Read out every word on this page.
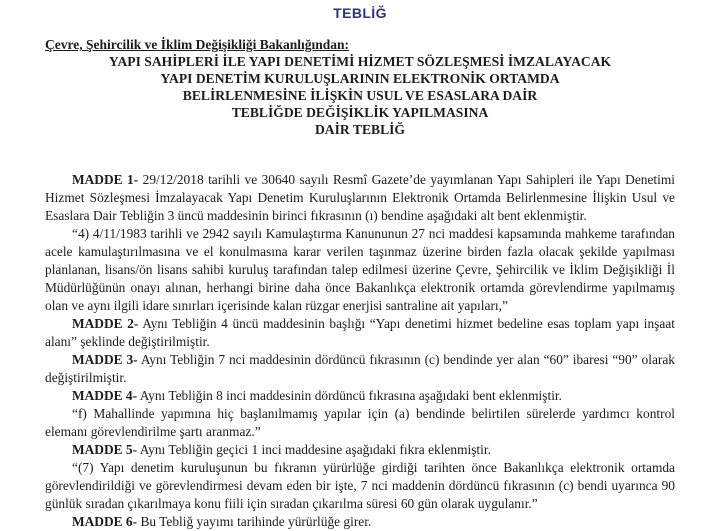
TEBLİĞ
Çevre, Şehircilik ve İklim Değişikliği Bakanlığından:
YAPI SAHİPLERİ İLE YAPI DENETİMİ HİZMET SÖZLEŞMESİ İMZALAYACAK
YAPI DENETİM KURULUŞLARININ ELEKTRONİK ORTAMDA
BELİRLENMESİNE İLİŞKİN USUL VE ESASLARA DAİR
TEBLİĞDE DEĞİŞİKLİK YAPILMASINA
DAİR TEBLİĞ

MADDE 1- 29/12/2018 tarihli ve 30640 sayılı Resmî Gazete’de yayımlanan Yapı Sahipleri ile Yapı Denetimi Hizmet Sözleşmesi İmzalayacak Yapı Denetim Kuruluşlarının Elektronik Ortamda Belirlenmesine İlişkin Usul ve Esaslara Dair Tebliğin 3 üncü maddesinin birinci fıkrasının (ı) bendine aşağıdaki alt bent eklenmiştir.

“4) 4/11/1983 tarihli ve 2942 sayılı Kamulaştırma Kanununun 27 nci maddesi kapsamında mahkeme tarafından acele kamulaştırılmasına ve el konulmasına karar verilen taşınmaz üzerine birden fazla olacak şekilde yapılması planlanan, lisans/ön lisans sahibi kuruluş tarafından talep edilmesi üzerine Çevre, Şehircilik ve İklim Değişikliği İl Müdürlüğünün onayı alınan, herhangi birine daha önce Bakanlıkça elektronik ortamda görevlendirme yapılmamış olan ve aynı ilgili idare sınırları içerisinde kalan rüzgar enerjisi santraline ait yapıları,”

MADDE 2- Aynı Tebliğin 4 üncü maddesinin başlığı “Yapı denetimi hizmet bedeline esas toplam yapı inşaat alanı” şeklinde değiştirilmiştir.

MADDE 3- Aynı Tebliğin 7 nci maddesinin dördüncü fıkrasının (c) bendinde yer alan “60” ibaresi “90” olarak değiştirilmiştir.

MADDE 4- Aynı Tebliğin 8 inci maddesinin dördüncü fıkrasına aşağıdaki bent eklenmiştir.

“f) Mahallinde yapımına hiç başlanılmamış yapılar için (a) bendinde belirtilen sürelerde yardımcı kontrol elemanı görevlendirilme şartı aranmaz.”

MADDE 5- Aynı Tebliğin geçici 1 inci maddesine aşağıdaki fıkra eklenmiştir.

“(7) Yapı denetim kuruluşunun bu fıkranın yürürlüğe girdiği tarihten önce Bakanlıkça elektronik ortamda görevlendirildiği ve görevlendirmesi devam eden bir işte, 7 nci maddenin dördüncü fıkrasının (c) bendi uyarınca 90 günlük sıradan çıkarılmaya konu fiili için sıradan çıkarılma süresi 60 gün olarak uygulanır.”

MADDE 6- Bu Tebliğ yayımı tarihinde yürürlüğe girer.
